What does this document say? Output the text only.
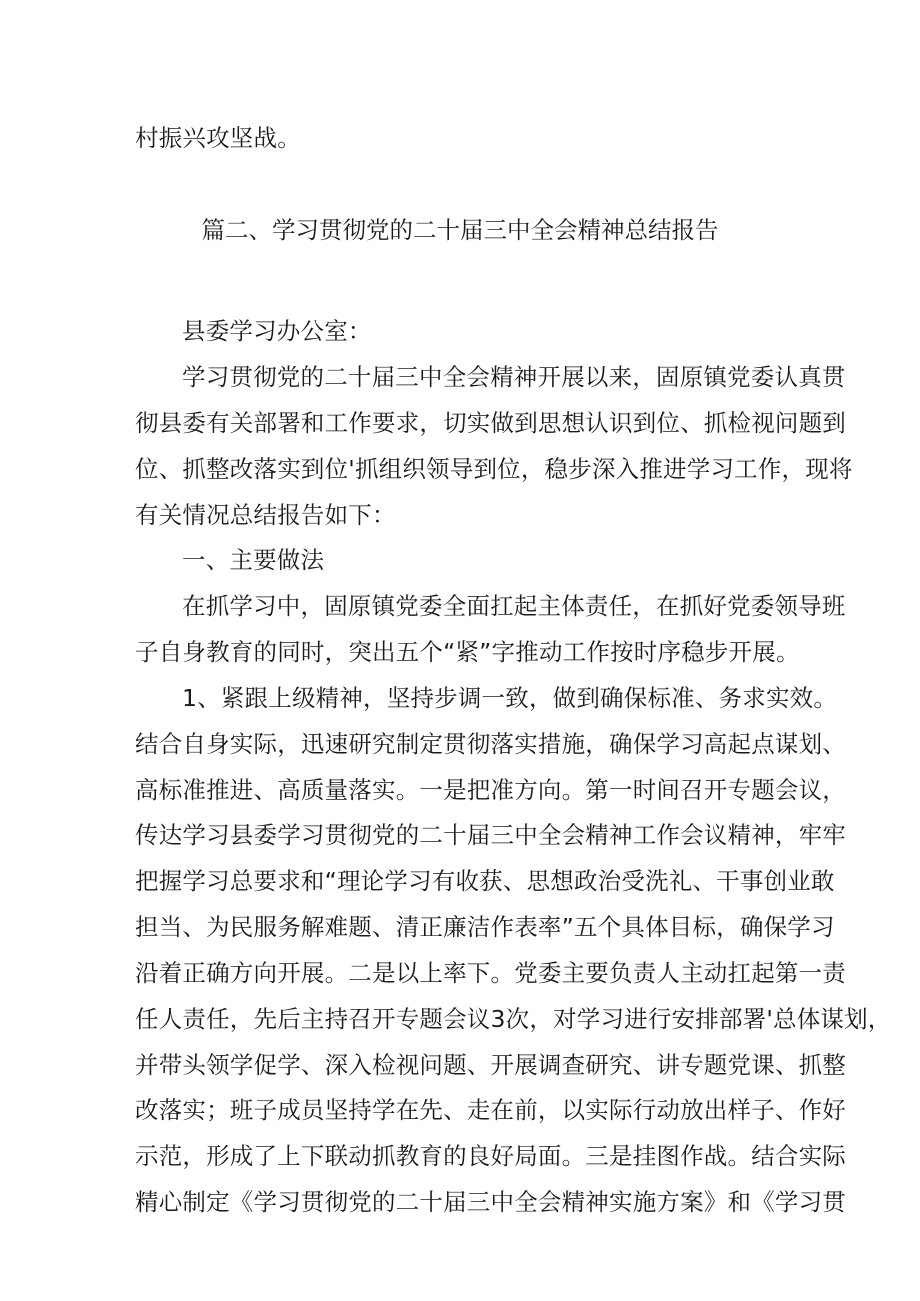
村振兴攻坚战。
篇二、学习贯彻党的二十届三中全会精神总结报告
县委学习办公室：
学习贯彻党的二十届三中全会精神开展以来，固原镇党委认真贯
彻县委有关部署和工作要求，切实做到思想认识到位、抓检视问题到
位、抓整改落实到位'抓组织领导到位，稳步深入推进学习工作，现将
有关情况总结报告如下：
一、主要做法
在抓学习中，固原镇党委全面扛起主体责任，在抓好党委领导班
子自身教育的同时，突出五个“紧”字推动工作按时序稳步开展。
1、紧跟上级精神，坚持步调一致，做到确保标准、务求实效。
结合自身实际，迅速研究制定贯彻落实措施，确保学习高起点谋划、
高标准推进、高质量落实。一是把准方向。第一时间召开专题会议，
传达学习县委学习贯彻党的二十届三中全会精神工作会议精神，牢牢
把握学习总要求和“理论学习有收获、思想政治受洗礼、干事创业敢
担当、为民服务解难题、清正廉洁作表率”五个具体目标，确保学习
沿着正确方向开展。二是以上率下。党委主要负责人主动扛起第一责
任人责任，先后主持召开专题会议3次，对学习进行安排部署'总体谋划，
并带头领学促学、深入检视问题、开展调查研究、讲专题党课、抓整
改落实；班子成员坚持学在先、走在前，以实际行动放出样子、作好
示范，形成了上下联动抓教育的良好局面。三是挂图作战。结合实际
精心制定《学习贯彻党的二十届三中全会精神实施方案》和《学习贯
